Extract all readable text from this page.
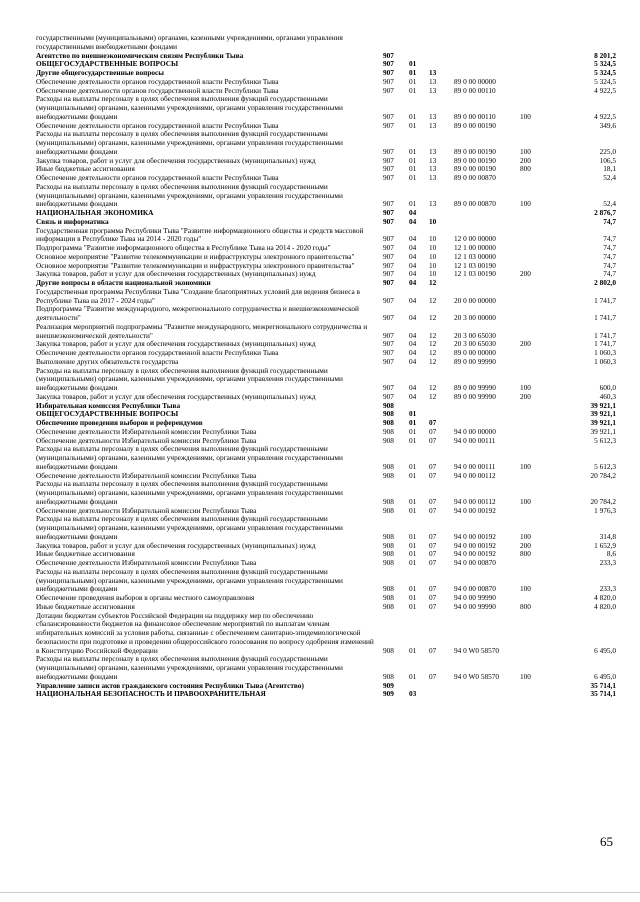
государственными (муниципальными) органами, казенными учреждениями, органами управления государственными внебюджетными фондами
Агентство по внешнеэкономическим связям Республики Тыва	907	8 201,2
ОБЩЕГОСУДАРСТВЕННЫЕ ВОПРОСЫ	907 01	5 324,5
Другие общегосударственные вопросы	907 01 13	5 324,5
Обеспечение деятельности органов государственной власти Республики Тыва	907 01 13 89 0 00 00000	5 324,5
Обеспечение деятельности органов государственной власти Республики Тыва	907 01 13 89 0 00 00110	4 922,5
Расходы на выплаты персоналу в целях обеспечения выполнения функций государственными (муниципальными) органами, казенными учреждениями, органами управления государственными внебюджетными фондами	907 01 13 89 0 00 00110	100	4 922,5
Обеспечение деятельности органов государственной власти Республики Тыва	907 01 13 89 0 00 00190	349,6
Расходы на выплаты персоналу в целях обеспечения выполнения функций государственными (муниципальными) органами, казенными учреждениями, органами управления государственными внебюджетными фондами	907 01 13 89 0 00 00190	100	225,0
Закупка товаров, работ и услуг для обеспечения государственных (муниципальных) нужд	907 01 13 89 0 00 00190	200	106,5
Иные бюджетные ассигнования	907 01 13 89 0 00 00190	800	18,1
Обеспечение деятельности органов государственной власти Республики Тыва	907 01 13 89 0 00 00870	52,4
Расходы на выплаты персоналу в целях обеспечения выполнения функций государственными (муниципальными) органами, казенными учреждениями, органами управления государственными внебюджетными фондами	907 01 13 89 0 00 00870	100	52,4
НАЦИОНАЛЬНАЯ ЭКОНОМИКА	907 04	2 876,7
Связь и информатика	907 04 10	74,7
Государственная программа Республики Тыва "Развитие информационного общества и средств массовой информации в Республике Тыва на 2014 - 2020 годы"	907 04 10 12 0 00 00000	74,7
Подпрограмма "Развитие информационного общества в Республике Тыва на 2014 - 2020 годы"	907 04 10 12 1 00 00000	74,7
Основное мероприятие "Развитие телекоммуникации и инфраструктуры электронного правительства"	907 04 10 12 1 03 00000	74,7
Основное мероприятие "Развитие телекоммуникации и инфраструктуры электронного правительства"	907 04 10 12 1 03 00190	74,7
Закупка товаров, работ и услуг для обеспечения государственных (муниципальных) нужд	907 04 10 12 1 03 00190	200	74,7
Другие вопросы в области национальной экономики	907 04 12	2 802,0
Государственная программа Республики Тыва "Создание благоприятных условий для ведения бизнеса в Республике Тыва на 2017 - 2024 годы"	907 04 12 20 0 00 00000	1 741,7
Подпрограмма "Развитие международного, межрегионального сотрудничества и внешнеэкономической деятельности"	907 04 12 20 3 00 00000	1 741,7
Реализация мероприятий подпрограммы "Развитие международного, межрегионального сотрудничества и внешнеэкономической деятельности"	907 04 12 20 3 00 65030	1 741,7
Закупка товаров, работ и услуг для обеспечения государственных (муниципальных) нужд	907 04 12 20 3 00 65030	200	1 741,7
Обеспечение деятельности органов государственной власти Республики Тыва	907 04 12 89 0 00 00000	1 060,3
Выполнение других обязательств государства	907 04 12 89 0 00 99990	1 060,3
Расходы на выплаты персоналу в целях обеспечения выполнения функций государственными (муниципальными) органами, казенными учреждениями, органами управления государственными внебюджетными фондами	907 04 12 89 0 00 99990	100	600,0
Закупка товаров, работ и услуг для обеспечения государственных (муниципальных) нужд	907 04 12 89 0 00 99990	200	460,3
Избирательная комиссия Республики Тыва	908	39 921,1
ОБЩЕГОСУДАРСТВЕННЫЕ ВОПРОСЫ	908 01	39 921,1
Обеспечение проведения выборов и референдумов	908 01 07	39 921,1
Обеспечение деятельности Избирательной комиссии Республики Тыва	908 01 07 94 0 00 00000	39 921,1
Обеспечение деятельности Избирательной комиссии Республики Тыва	908 01 07 94 0 00 00111	5 612,3
Расходы на выплаты персоналу в целях обеспечения выполнения функций государственными (муниципальными) органами, казенными учреждениями, органами управления государственными внебюджетными фондами	908 01 07 94 0 00 00111	100	5 612,3
Обеспечение деятельности Избирательной комиссии Республики Тыва	908 01 07 94 0 00 00112	20 784,2
Расходы на выплаты персоналу в целях обеспечения выполнения функций государственными (муниципальными) органами, казенными учреждениями, органами управления государственными внебюджетными фондами	908 01 07 94 0 00 00112	100	20 784,2
Обеспечение деятельности Избирательной комиссии Республики Тыва	908 01 07 94 0 00 00192	1 976,3
Расходы на выплаты персоналу в целях обеспечения выполнения функций государственными (муниципальными) органами, казенными учреждениями, органами управления государственными внебюджетными фондами	908 01 07 94 0 00 00192	100	314,8
Закупка товаров, работ и услуг для обеспечения государственных (муниципальных) нужд	908 01 07 94 0 00 00192	200	1 652,9
Иные бюджетные ассигнования	908 01 07 94 0 00 00192	800	8,6
Обеспечение деятельности Избирательной комиссии Республики Тыва	908 01 07 94 0 00 00870	233,3
Расходы на выплаты персоналу в целях обеспечения выполнения функций государственными (муниципальными) органами, казенными учреждениями, органами управления государственными внебюджетными фондами	908 01 07 94 0 00 00870	100	233,3
Обеспечение проведения выборов в органы местного самоуправления	908 01 07 94 0 00 99990	4 820,0
Иные бюджетные ассигнования	908 01 07 94 0 00 99990	800	4 820,0
Дотации бюджетам субъектов Российской Федерации на поддержку мер по обеспечению сбалансированности бюджетов на финансовое обеспечение мероприятий по выплатам членам избирательных комиссий за условия работы, связанные с обеспечением санитарно-эпидемиологической безопасности при подготовке и проведении общероссийского голосования по вопросу одобрения изменений в Конституцию Российской Федерации	908 01 07 94 0 W0 58570	6 495,0
Расходы на выплаты персоналу в целях обеспечения выполнения функций государственными (муниципальными) органами, казенными учреждениями, органами управления государственными внебюджетными фондами	908 01 07 94 0 W0 58570	100	6 495,0
Управление записи актов гражданского состояния Республики Тыва (Агентство)	909	35 714,1
НАЦИОНАЛЬНАЯ БЕЗОПАСНОСТЬ И ПРАВООХРАНИТЕЛЬНАЯ	909 03	35 714,1
65
